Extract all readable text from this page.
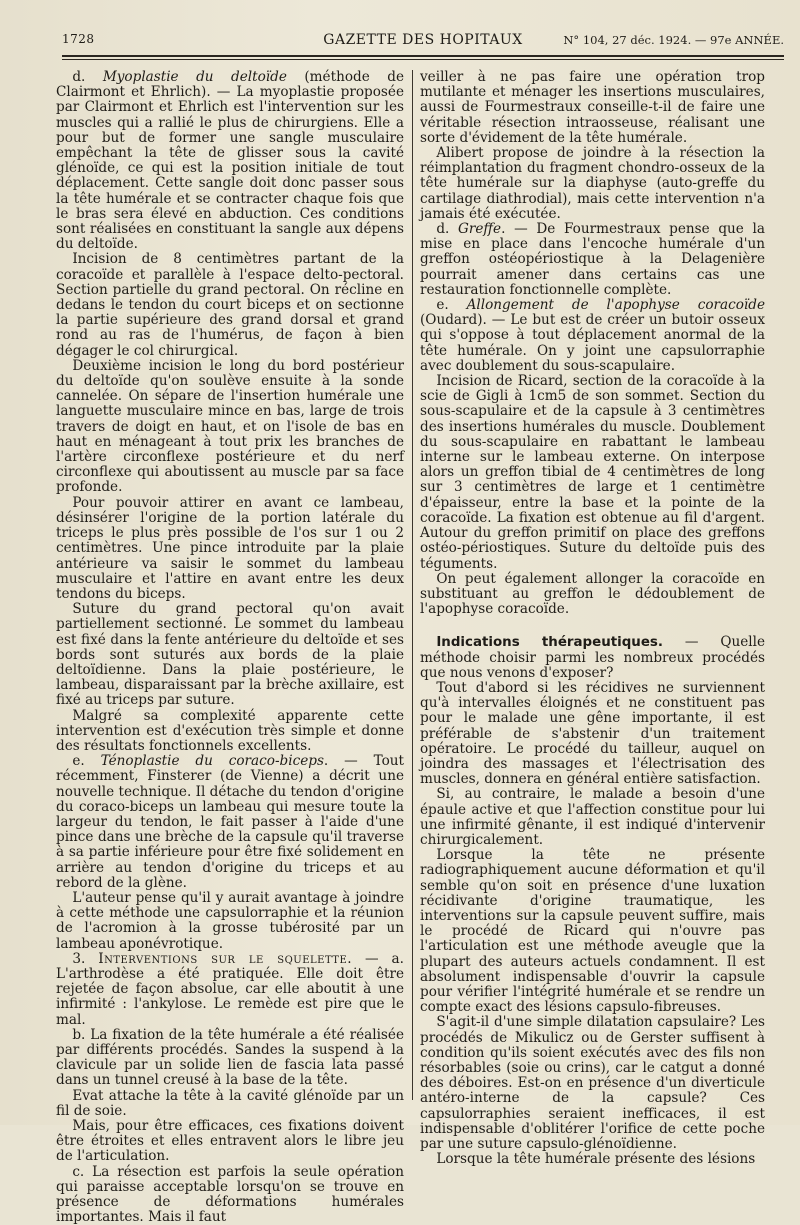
1728	GAZETTE DES HOPITAUX	N° 104, 27 déc. 1924. — 97e ANNÉE.

d. Myoplastie du deltoïde (méthode de Clairmont et Ehrlich). — La myoplastie proposée par Clairmont et Ehrlich est l'intervention sur les muscles qui a rallié le plus de chirurgiens. Elle a pour but de former une sangle musculaire empêchant la tête de glisser sous la cavité glénoïde, ce qui est la position initiale de tout déplacement. Cette sangle doit donc passer sous la tête humérale et se contracter chaque fois que le bras sera élevé en abduction. Ces conditions sont réalisées en constituant la sangle aux dépens du deltoïde.

Incision de 8 centimètres partant de la coracoïde et parallèle à l'espace delto-pectoral. Section partielle du grand pectoral. On récline en dedans le tendon du court biceps et on sectionne la partie supérieure des grand dorsal et grand rond au ras de l'humérus, de façon à bien dégager le col chirurgical.

Deuxième incision le long du bord postérieur du deltoïde qu'on soulève ensuite à la sonde cannelée. On sépare de l'insertion humérale une languette musculaire mince en bas, large de trois travers de doigt en haut, et on l'isole de bas en haut en ménageant à tout prix les branches de l'artère circonflexe postérieure et du nerf circonflexe qui aboutissent au muscle par sa face profonde.

Pour pouvoir attirer en avant ce lambeau, désinsérer l'origine de la portion latérale du triceps le plus près possible de l'os sur 1 ou 2 centimètres. Une pince introduite par la plaie antérieure va saisir le sommet du lambeau musculaire et l'attire en avant entre les deux tendons du biceps.

Suture du grand pectoral qu'on avait partiellement sectionné. Le sommet du lambeau est fixé dans la fente antérieure du deltoïde et ses bords sont suturés aux bords de la plaie deltoïdienne. Dans la plaie postérieure, le lambeau, disparaissant par la brèche axillaire, est fixé au triceps par suture.

Malgré sa complexité apparente cette intervention est d'exécution très simple et donne des résultats fonctionnels excellents.

e. Ténoplastie du coraco-biceps. — Tout récemment, Finsterer (de Vienne) a décrit une nouvelle technique. Il détache du tendon d'origine du coraco-biceps un lambeau qui mesure toute la largeur du tendon, le fait passer à l'aide d'une pince dans une brèche de la capsule qu'il traverse à sa partie inférieure pour être fixé solidement en arrière au tendon d'origine du triceps et au rebord de la glène.

L'auteur pense qu'il y aurait avantage à joindre à cette méthode une capsulorraphie et la réunion de l'acromion à la grosse tubérosité par un lambeau aponévrotique.

3. Interventions sur le squelette. — a. L'arthrodèse a été pratiquée. Elle doit être rejetée de façon absolue, car elle aboutit à une infirmité : l'ankylose. Le remède est pire que le mal.

b. La fixation de la tête humérale a été réalisée par différents procédés. Sandes la suspend à la clavicule par un solide lien de fascia lata passé dans un tunnel creusé à la base de la tête.

Evat attache la tête à la cavité glénoïde par un fil de soie.

Mais, pour être efficaces, ces fixations doivent être étroites et elles entravent alors le libre jeu de l'articulation.

c. La résection est parfois la seule opération qui paraisse acceptable lorsqu'on se trouve en présence de déformations humérales importantes. Mais il faut

veiller à ne pas faire une opération trop mutilante et ménager les insertions musculaires, aussi de Fourmestraux conseille-t-il de faire une véritable résection intraosseuse, réalisant une sorte d'évidement de la tête humérale.

Alibert propose de joindre à la résection la réimplantation du fragment chondro-osseux de la tête humérale sur la diaphyse (auto-greffe du cartilage diathrodial), mais cette intervention n'a jamais été exécutée.

d. Greffe. — De Fourmestraux pense que la mise en place dans l'encoche humérale d'un greffon ostéopériostique à la Delagenière pourrait amener dans certains cas une restauration fonctionnelle complète.

e. Allongement de l'apophyse coracoïde (Oudard). — Le but est de créer un butoir osseux qui s'oppose à tout déplacement anormal de la tête humérale. On y joint une capsulorraphie avec doublement du sous-scapulaire.

Incision de Ricard, section de la coracoïde à la scie de Gigli à 1cm5 de son sommet. Section du sous-scapulaire et de la capsule à 3 centimètres des insertions humérales du muscle. Doublement du sous-scapulaire en rabattant le lambeau interne sur le lambeau externe. On interpose alors un greffon tibial de 4 centimètres de long sur 3 centimètres de large et 1 centimètre d'épaisseur, entre la base et la pointe de la coracoïde. La fixation est obtenue au fil d'argent. Autour du greffon primitif on place des greffons ostéo-périostiques. Suture du deltoïde puis des téguments.

On peut également allonger la coracoïde en substituant au greffon le dédoublement de l'apophyse coracoïde.

Indications thérapeutiques. — Quelle méthode choisir parmi les nombreux procédés que nous venons d'exposer?

Tout d'abord si les récidives ne surviennent qu'à intervalles éloignés et ne constituent pas pour le malade une gêne importante, il est préférable de s'abstenir d'un traitement opératoire. Le procédé du tailleur, auquel on joindra des massages et l'électrisation des muscles, donnera en général entière satisfaction.

Si, au contraire, le malade a besoin d'une épaule active et que l'affection constitue pour lui une infirmité gênante, il est indiqué d'intervenir chirurgicalement.

Lorsque la tête ne présente radiographiquement aucune déformation et qu'il semble qu'on soit en présence d'une luxation récidivante d'origine traumatique, les interventions sur la capsule peuvent suffire, mais le procédé de Ricard qui n'ouvre pas l'articulation est une méthode aveugle que la plupart des auteurs actuels condamnent. Il est absolument indispensable d'ouvrir la capsule pour vérifier l'intégrité humérale et se rendre un compte exact des lésions capsulo-fibreuses.

S'agit-il d'une simple dilatation capsulaire? Les procédés de Mikulicz ou de Gerster suffisent à condition qu'ils soient exécutés avec des fils non résorbables (soie ou crins), car le catgut a donné des déboires. Est-on en présence d'un diverticule antéro-interne de la capsule? Ces capsulorraphies seraient inefficaces, il est indispensable d'oblitérer l'orifice de cette poche par une suture capsulo-glénoïdienne.

Lorsque la tête humérale présente des lésions
